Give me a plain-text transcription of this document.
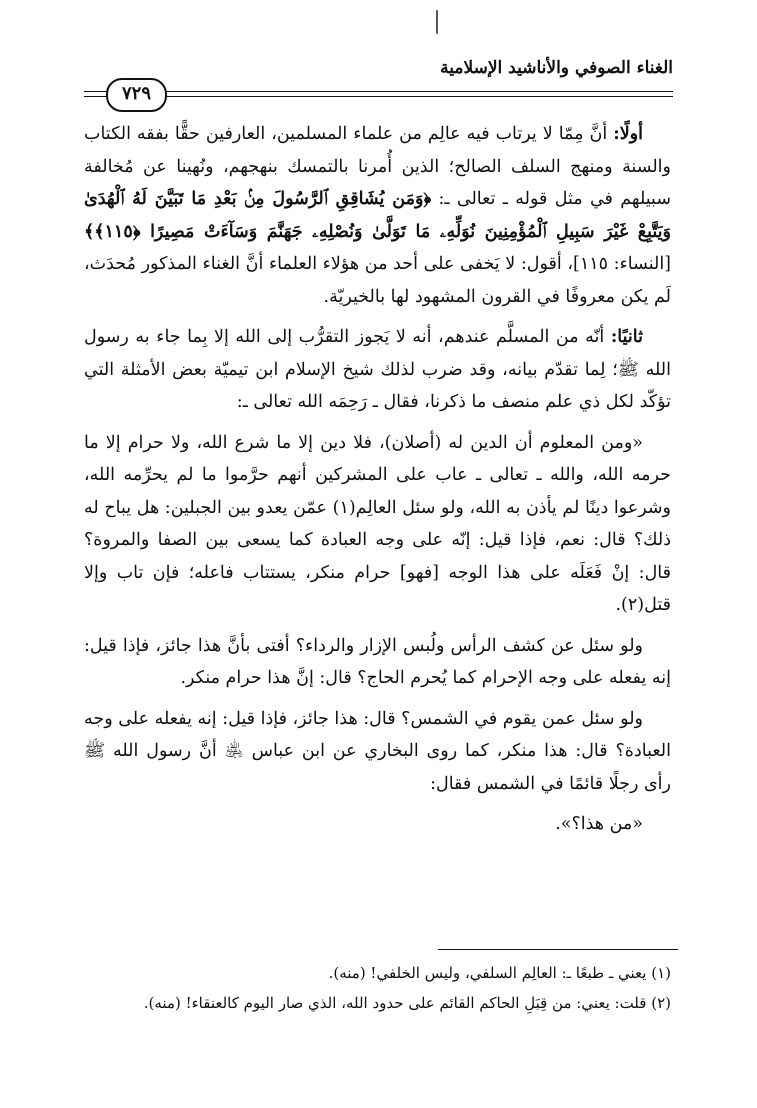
الغناء الصوفي والأناشيد الإسلامية
٧٢٩

أولًا: أنَّ مِمّا لا يرتاب فيه عالِم من علماء المسلمين، العارفين حقًّا بفقه الكتاب والسنة ومنهج السلف الصالح؛ الذين أُمرنا بالتمسك بنهجهم، ونُهينا عن مُخالفة سبيلهم في مثل قوله ـ تعالى ـ: ﴿وَمَن يُشَاقِقِ ٱلرَّسُولَ مِنۢ بَعْدِ مَا تَبَيَّنَ لَهُ ٱلْهُدَىٰ وَيَتَّبِعْ غَيْرَ سَبِيلِ ٱلْمُؤْمِنِينَ نُوَلِّهِۦ مَا تَوَلَّىٰ وَنُصْلِهِۦ جَهَنَّمَ وَسَآءَتْ مَصِيرًا ﴿١١٥﴾﴾ [النساء: ١١٥]، أقول: لا يَخفى على أحد من هؤلاء العلماء أنَّ الغناء المذكور مُحدَث، لَم يكن معروفًا في القرون المشهود لها بالخيريّة.

ثانيًا: أنّه من المسلَّم عندهم، أنه لا يَجوز التقرُّب إلى الله إلا بِما جاء به رسول الله ﷺ؛ لِما تقدّم بيانه، وقد ضرب لذلك شيخ الإسلام ابن تيميّة بعض الأمثلة التي تؤكّد لكل ذي علم منصف ما ذكرنا، فقال ـ رَحِمَه الله تعالى ـ:

«ومن المعلوم أن الدين له (أصلان)، فلا دين إلا ما شرع الله، ولا حرام إلا ما حرمه الله، والله ـ تعالى ـ عاب على المشركين أنهم حرَّموا ما لم يحرِّمه الله، وشرعوا دينًا لم يأذن به الله، ولو سئل العالِم(١) عمّن يعدو بين الجبلين: هل يباح له ذلك؟ قال: نعم، فإذا قيل: إنّه على وجه العبادة كما يسعى بين الصفا والمروة؟ قال: إنْ فَعَلَه على هذا الوجه [فهو] حرام منكر، يستتاب فاعله؛ فإن تاب وإلا قتل(٢).

ولو سئل عن كشف الرأس ولُبس الإزار والرداء؟ أفتى بأنَّ هذا جائز، فإذا قيل: إنه يفعله على وجه الإحرام كما يُحرم الحاج؟ قال: إنَّ هذا حرام منكر.

ولو سئل عمن يقوم في الشمس؟ قال: هذا جائز، فإذا قيل: إنه يفعله على وجه العبادة؟ قال: هذا منكر، كما روى البخاري عن ابن عباس ﵁ أنَّ رسول الله ﷺ رأى رجلًا قائمًا في الشمس فقال:

«من هذا؟».

(١) يعني ـ طبعًا ـ: العالِم السلفي، وليس الخلفي! (منه).

(٢) قلت: يعني: من قِبَلِ الحاكم القائم على حدود الله، الذي صار اليوم كالعنقاء! (منه).
